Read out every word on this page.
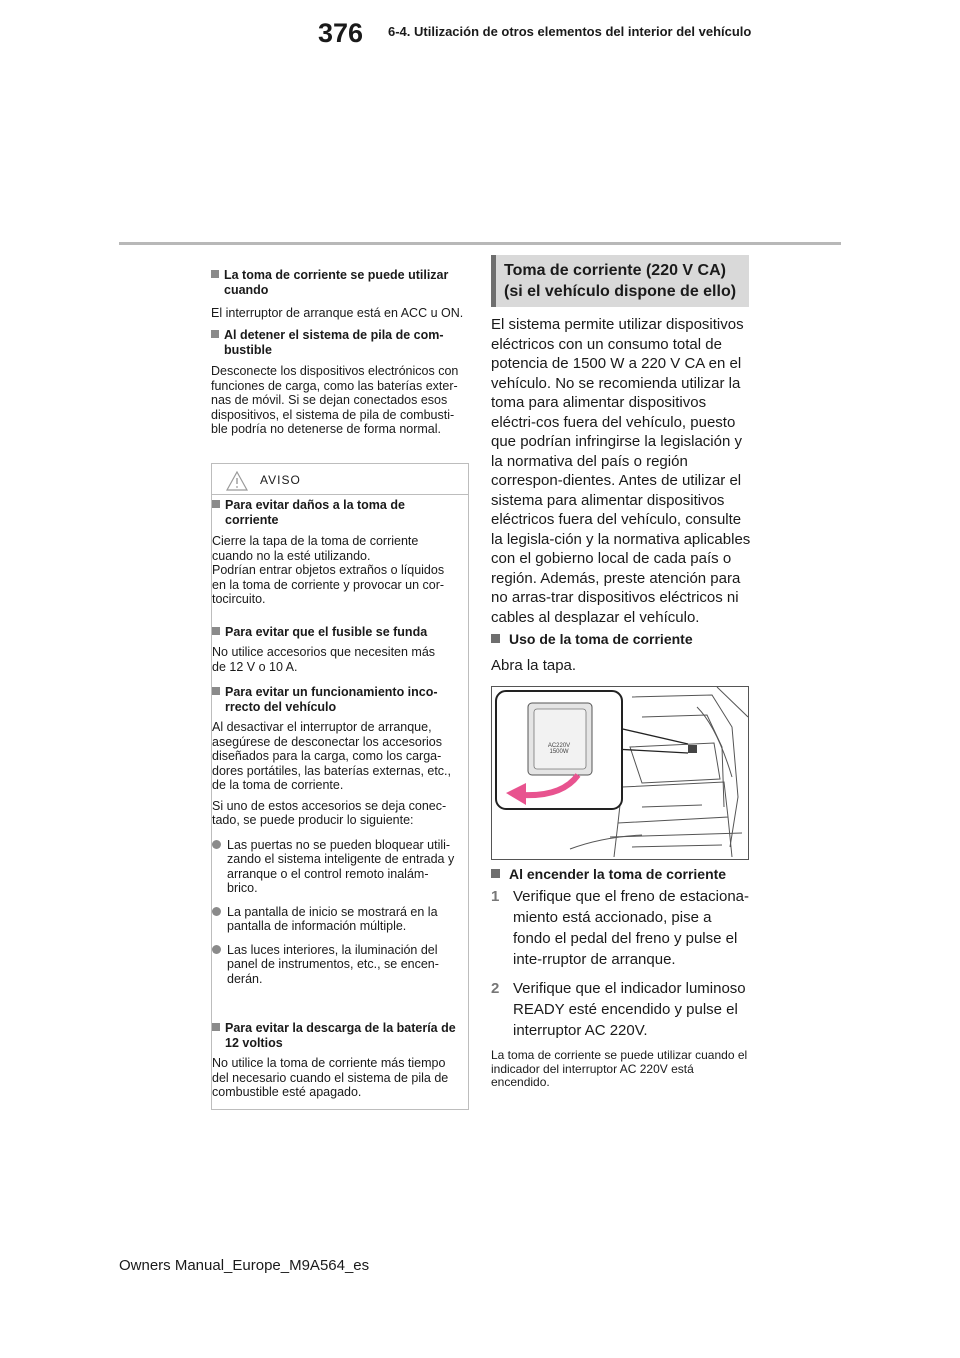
376 6-4. Utilización de otros elementos del interior del vehículo
La toma de corriente se puede utilizar cuando
El interruptor de arranque está en ACC u ON.
Al detener el sistema de pila de com-bustible
Desconecte los dispositivos electrónicos con funciones de carga, como las baterías exter-nas de móvil. Si se dejan conectados esos dispositivos, el sistema de pila de combusti-ble podría no detenerse de forma normal.
AVISO
Para evitar daños a la toma de corriente
Cierre la tapa de la toma de corriente cuando no la esté utilizando.
Podrían entrar objetos extraños o líquidos en la toma de corriente y provocar un cor-tocircuito.
Para evitar que el fusible se funda
No utilice accesorios que necesiten más de 12 V o 10 A.
Para evitar un funcionamiento inco-rrecto del vehículo
Al desactivar el interruptor de arranque, asegúrese de desconectar los accesorios diseñados para la carga, como los carga-dores portátiles, las baterías externas, etc., de la toma de corriente.
Si uno de estos accesorios se deja conec-tado, se puede producir lo siguiente:
Las puertas no se pueden bloquear utili-zando el sistema inteligente de entrada y arranque o el control remoto inalám-brico.
La pantalla de inicio se mostrará en la pantalla de información múltiple.
Las luces interiores, la iluminación del panel de instrumentos, etc., se encen-derán.
Para evitar la descarga de la batería de 12 voltios
No utilice la toma de corriente más tiempo del necesario cuando el sistema de pila de combustible esté apagado.
Toma de corriente (220 V CA) (si el vehículo dispone de ello)
El sistema permite utilizar dispositivos eléctricos con un consumo total de potencia de 1500 W a 220 V CA en el vehículo. No se recomienda utilizar la toma para alimentar dispositivos eléctri-cos fuera del vehículo, puesto que podrían infringirse la legislación y la normativa del país o región correspon-dientes. Antes de utilizar el sistema para alimentar dispositivos eléctricos fuera del vehículo, consulte la legisla-ción y la normativa aplicables con el gobierno local de cada país o región. Además, preste atención para no arras-trar dispositivos eléctricos ni cables al desplazar el vehículo.
Uso de la toma de corriente
Abra la tapa.
AC220V
1500W
Al encender la toma de corriente
1 Verifique que el freno de estaciona-miento está accionado, pise a fondo el pedal del freno y pulse el inte-rruptor de arranque.
2 Verifique que el indicador luminoso READY esté encendido y pulse el interruptor AC 220V.
La toma de corriente se puede utilizar cuando el indicador del interruptor AC 220V está encendido.
Owners Manual_Europe_M9A564_es
